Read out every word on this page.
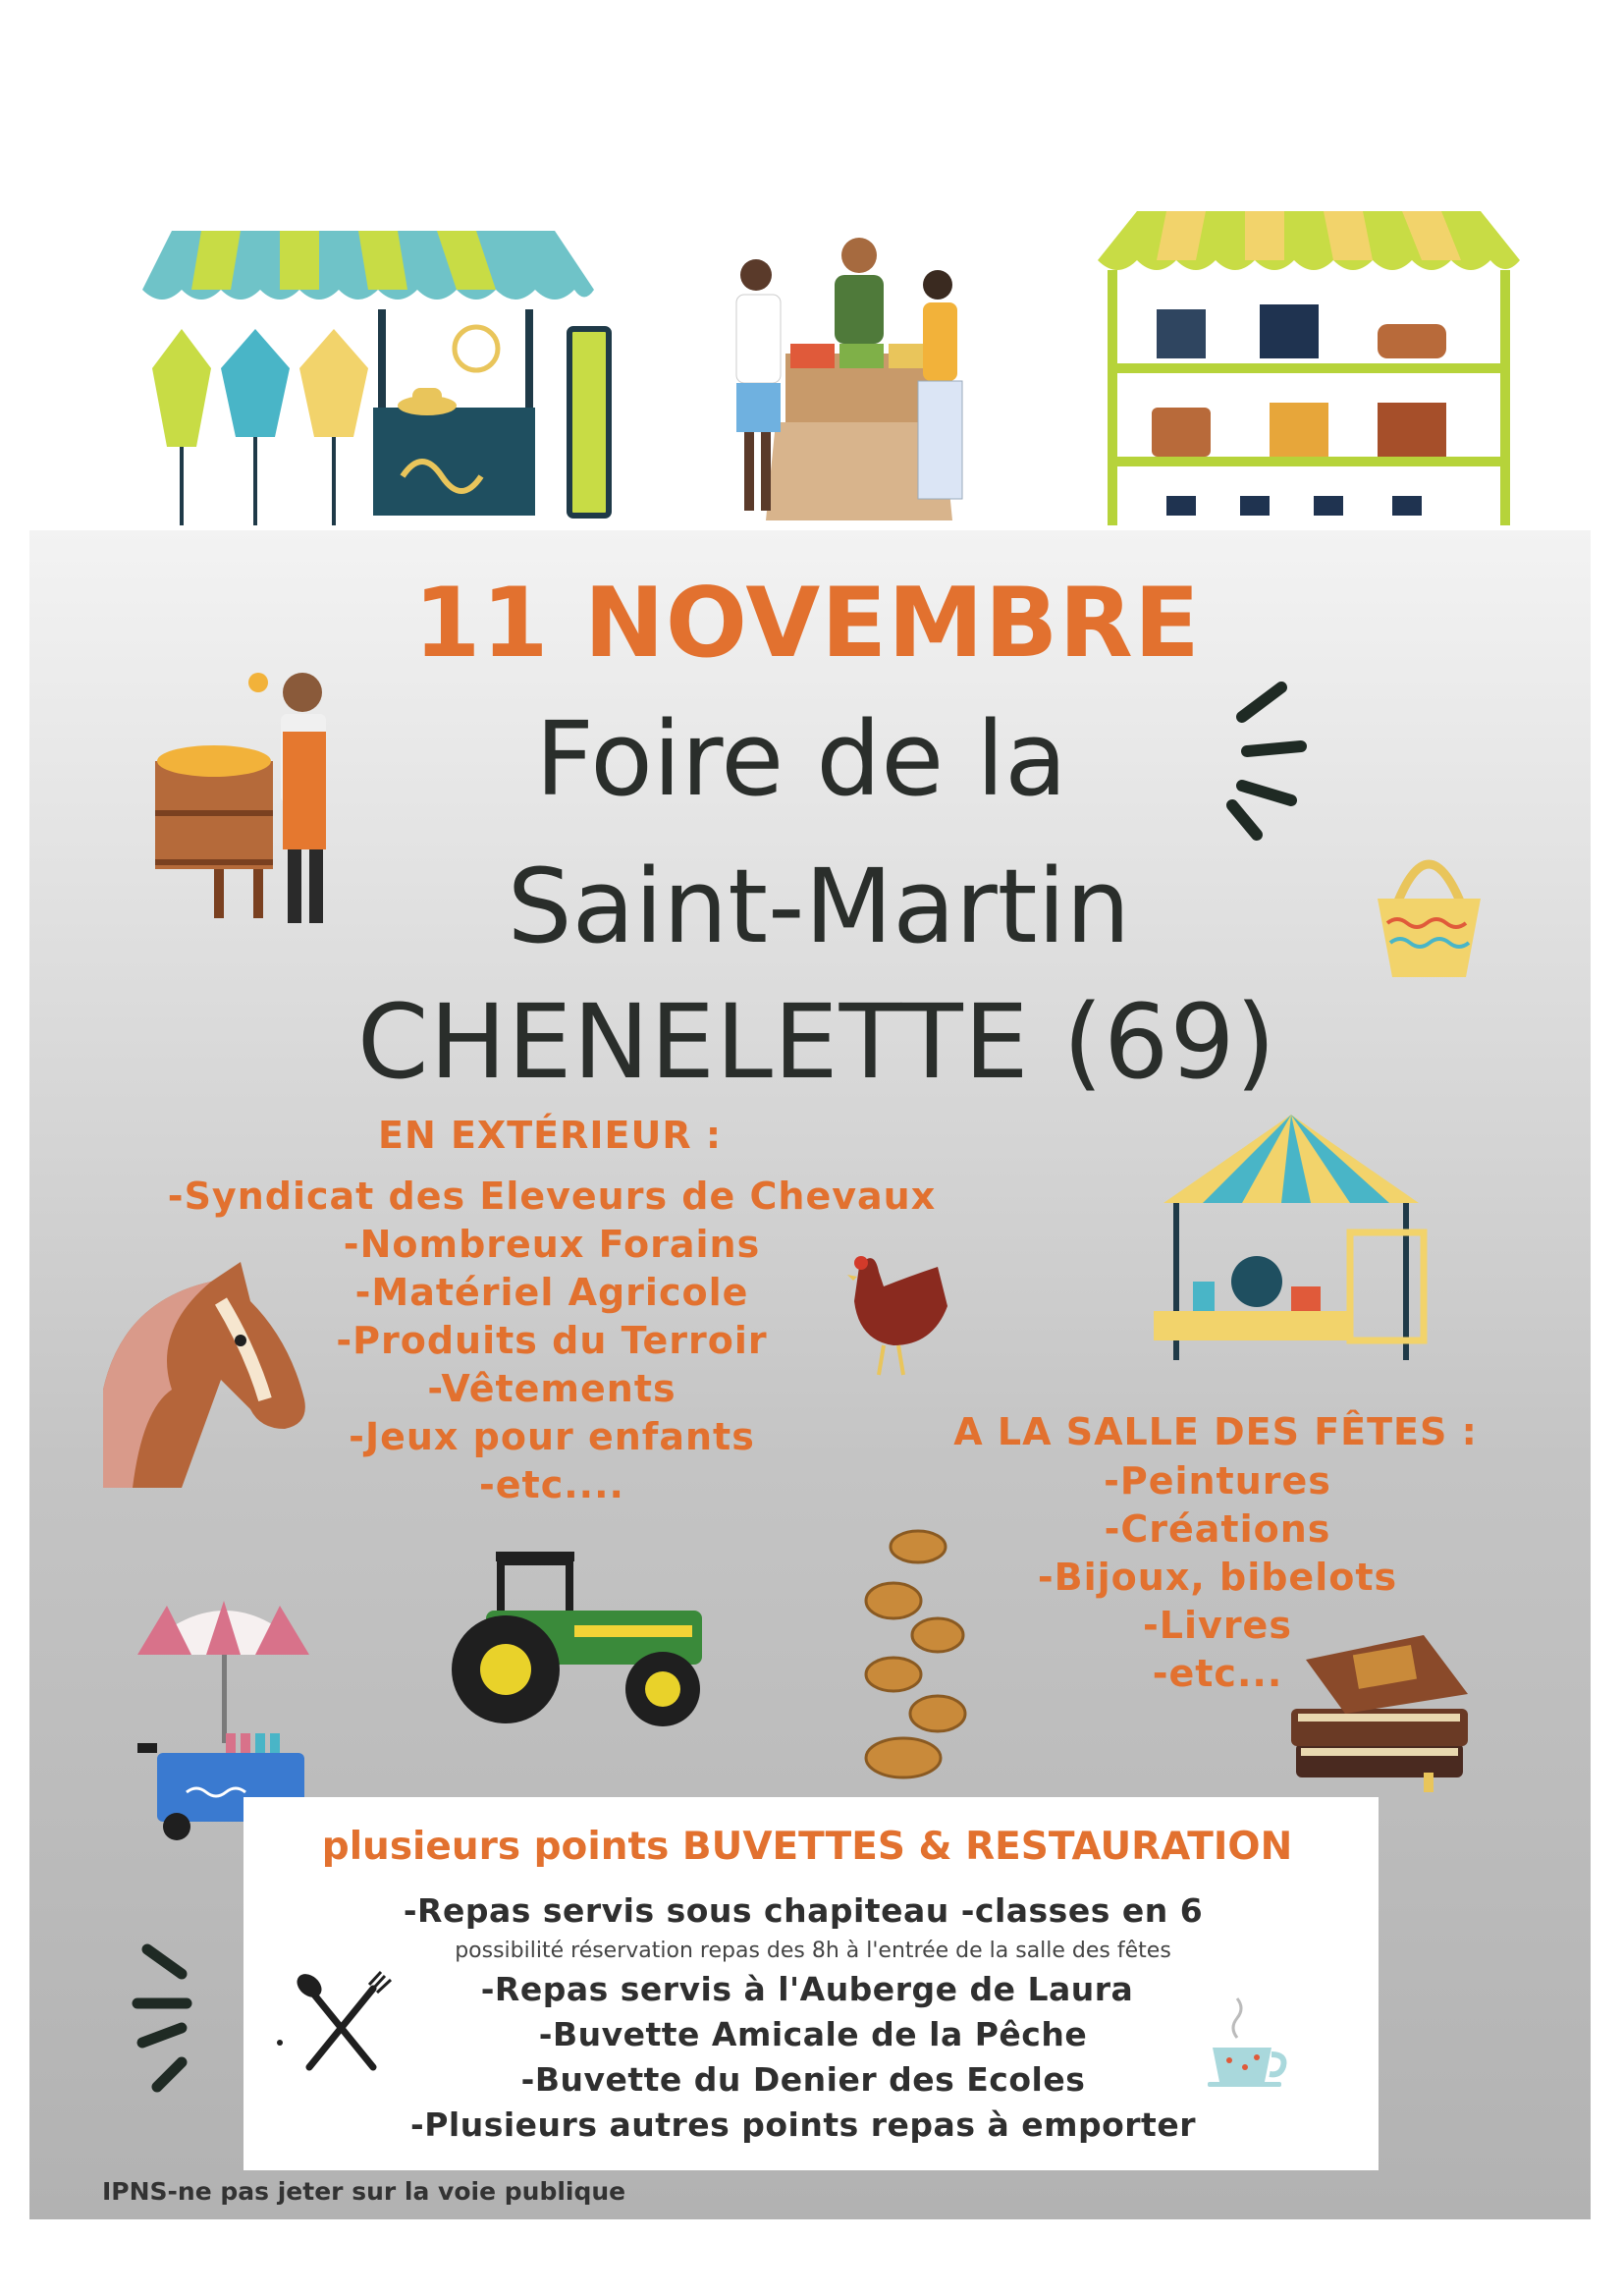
11 NOVEMBRE
Foire de la
Saint-Martin
CHENELETTE (69)
EN EXTÉRIEUR :
-Syndicat des Eleveurs de Chevaux
-Nombreux Forains
-Matériel Agricole
-Produits du Terroir
-Vêtements
-Jeux pour enfants
-etc....
A LA SALLE DES FÊTES :
-Peintures
-Créations
-Bijoux, bibelots
-Livres
-etc...
plusieurs points BUVETTES & RESTAURATION
-Repas servis sous chapiteau -classes en 6
possibilité réservation repas des 8h à l'entrée de la salle des fêtes
-Repas servis à l'Auberge de Laura
-Buvette Amicale de la Pêche
-Buvette du Denier des Ecoles
-Plusieurs autres points repas à emporter
IPNS-ne pas jeter sur la voie publique
